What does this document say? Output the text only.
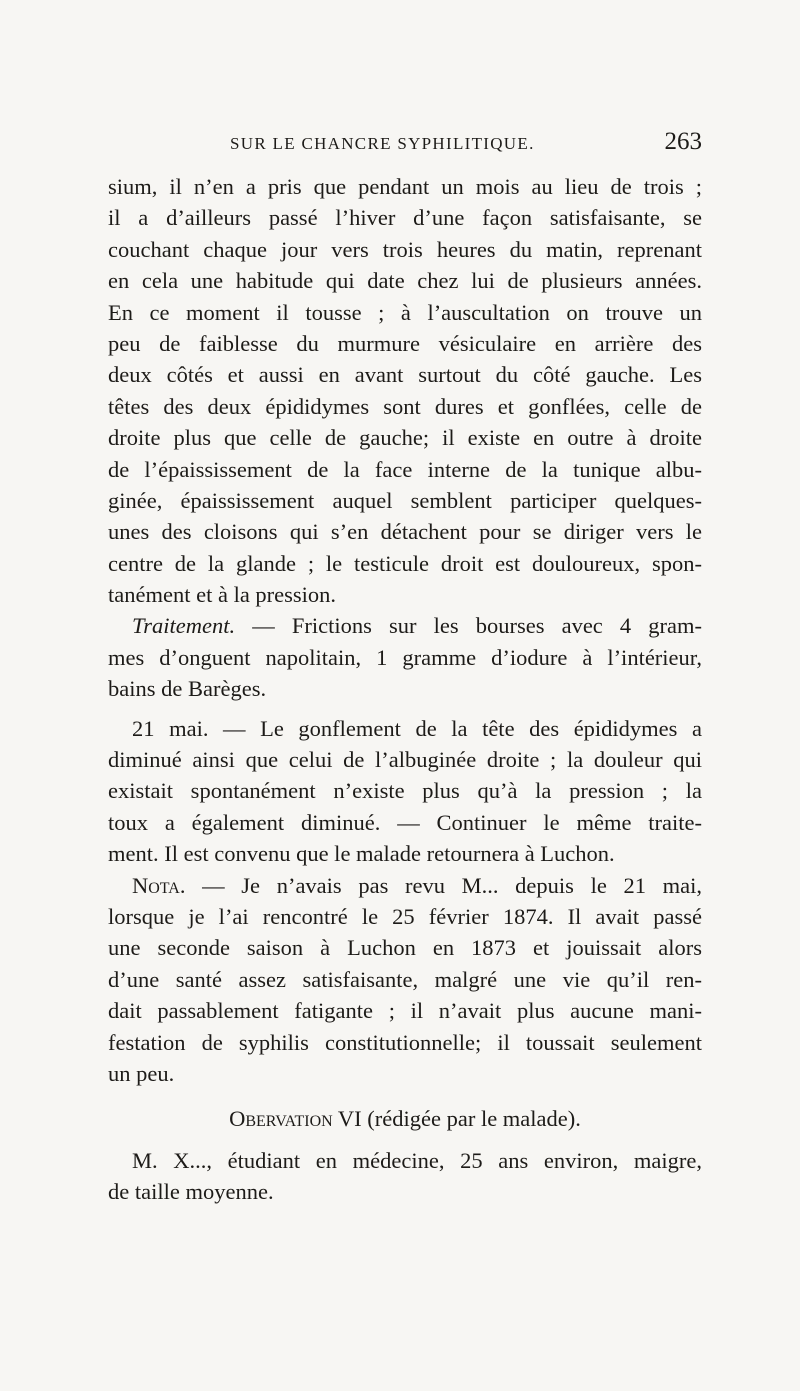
SUR LE CHANCRE SYPHILITIQUE.	263
sium, il n’en a pris que pendant un mois au lieu de trois ;
il a d’ailleurs passé l’hiver d’une façon satisfaisante, se
couchant chaque jour vers trois heures du matin, reprenant
en cela une habitude qui date chez lui de plusieurs années.
En ce moment il tousse ; à l’auscultation on trouve un
peu de faiblesse du murmure vésiculaire en arrière des
deux côtés et aussi en avant surtout du côté gauche. Les
têtes des deux épididymes sont dures et gonflées, celle de
droite plus que celle de gauche; il existe en outre à droite
de l’épaississement de la face interne de la tunique albu-
ginée, épaississement auquel semblent participer quelques-
unes des cloisons qui s’en détachent pour se diriger vers le
centre de la glande ; le testicule droit est douloureux, spon-
tanément et à la pression.
Traitement. — Frictions sur les bourses avec 4 gram-
mes d’onguent napolitain, 1 gramme d’iodure à l’intérieur,
bains de Barèges.
21 mai. — Le gonflement de la tête des épididymes a
diminué ainsi que celui de l’albuginée droite ; la douleur qui
existait spontanément n’existe plus qu’à la pression ; la
toux a également diminué. — Continuer le même traite-
ment. Il est convenu que le malade retournera à Luchon.
Nota. — Je n’avais pas revu M... depuis le 21 mai,
lorsque je l’ai rencontré le 25 février 1874. Il avait passé
une seconde saison à Luchon en 1873 et jouissait alors
d’une santé assez satisfaisante, malgré une vie qu’il ren-
dait passablement fatigante ; il n’avait plus aucune mani-
festation de syphilis constitutionnelle; il toussait seulement
un peu.
Obervation VI (rédigée par le malade).
M. X..., étudiant en médecine, 25 ans environ, maigre,
de taille moyenne.
